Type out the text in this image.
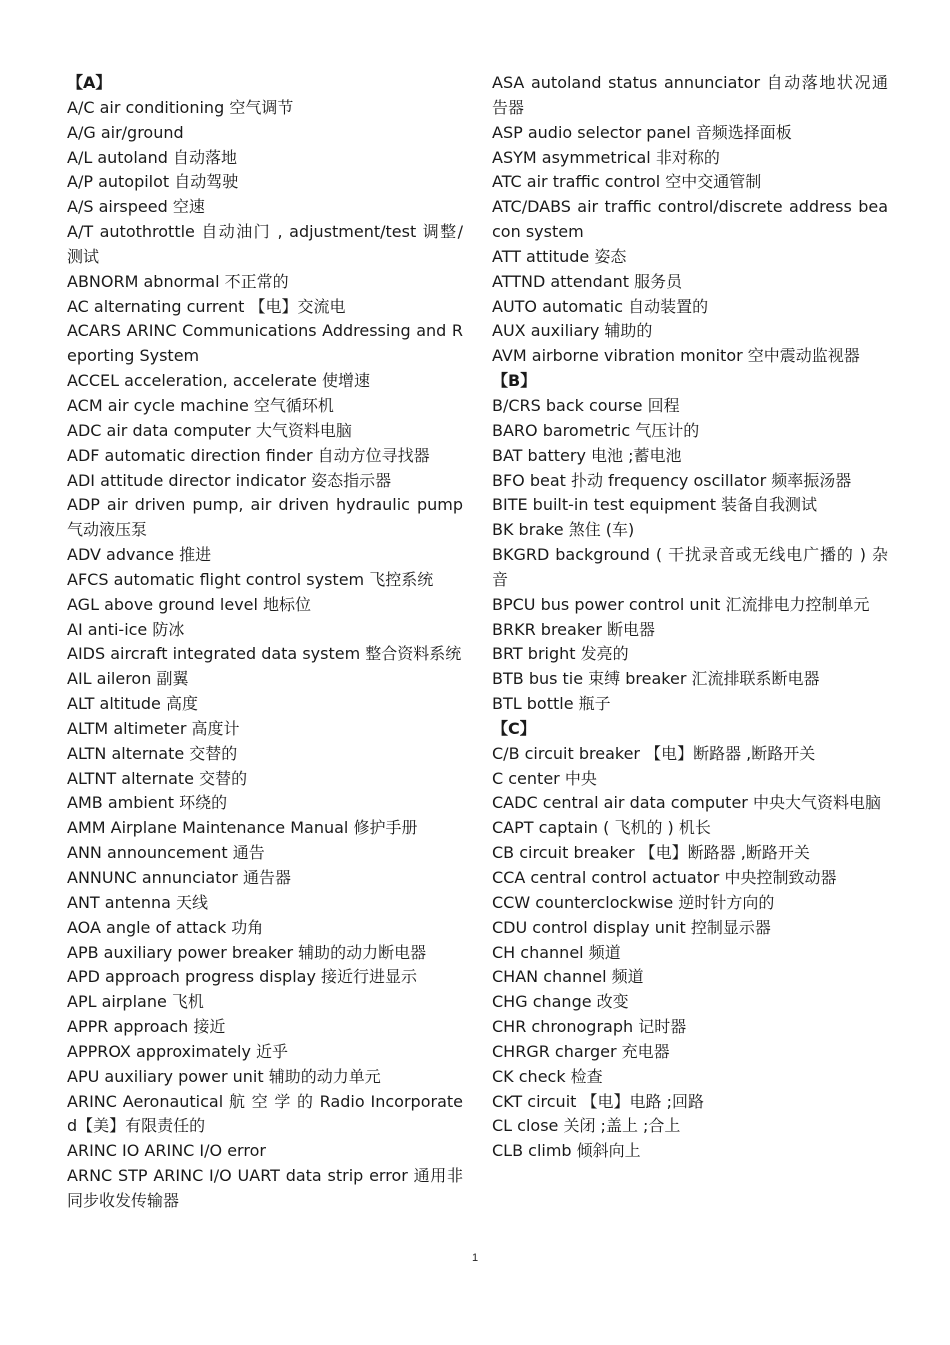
【A】

A/C air conditioning 空气调节

A/G air/ground

A/L autoland 自动落地

A/P autopilot 自动驾驶

A/S airspeed 空速

A/T autothrottle 自动油门 , adjustment/test 调整/测试

ABNORM abnormal 不正常的

AC alternating current 【电】交流电

ACARS ARINC Communications Addressing and Reporting System

ACCEL acceleration, accelerate 使增速

ACM air cycle machine 空气循环机

ADC air data computer 大气资料电脑

ADF automatic direction finder 自动方位寻找器

ADI attitude director indicator 姿态指示器

ADP air driven pump, air driven hydraulic pump 气动液压泵

ADV advance 推进

AFCS automatic flight control system 飞控系统

AGL above ground level 地标位

AI anti-ice 防冰

AIDS aircraft integrated data system 整合资料系统

AIL aileron 副翼

ALT altitude 高度

ALTM altimeter 高度计

ALTN alternate 交替的

ALTNT alternate 交替的

AMB ambient 环绕的

AMM Airplane Maintenance Manual 修护手册

ANN announcement 通告

ANNUNC annunciator 通告器

ANT antenna 天线

AOA angle of attack 功角

APB auxiliary power breaker 辅助的动力断电器

APD approach progress display 接近行进显示

APL airplane 飞机

APPR approach 接近

APPROX approximately 近乎

APU auxiliary power unit 辅助的动力单元

ARINC Aeronautical 航 空 学 的 Radio Incorporated【美】有限责任的

ARINC IO ARINC I/O error

ARNC STP ARINC I/O UART data strip error 通用非同步收发传输器

ASA autoland status annunciator 自动落地状况通告器

ASP audio selector panel 音频选择面板

ASYM asymmetrical 非对称的

ATC air traffic control 空中交通管制

ATC/DABS air traffic control/discrete address beacon system

ATT attitude 姿态

ATTND attendant 服务员

AUTO automatic 自动装置的

AUX auxiliary 辅助的

AVM airborne vibration monitor 空中震动监视器

【B】

B/CRS back course 回程

BARO barometric 气压计的

BAT battery 电池 ;蓄电池

BFO beat 扑动 frequency oscillator 频率振汤器

BITE built-in test equipment 装备自我测试

BK brake 煞住 (车)

BKGRD background ( 干扰录音或无线电广播的 ) 杂音

BPCU bus power control unit 汇流排电力控制单元

BRKR breaker 断电器

BRT bright 发亮的

BTB bus tie 束缚 breaker 汇流排联系断电器

BTL bottle 瓶子

【C】

C/B circuit breaker 【电】断路器 ,断路开关

C center 中央

CADC central air data computer 中央大气资料电脑

CAPT captain ( 飞机的 ) 机长

CB circuit breaker 【电】断路器 ,断路开关

CCA central control actuator 中央控制致动器

CCW counterclockwise 逆时针方向的

CDU control display unit 控制显示器

CH channel 频道

CHAN channel 频道

CHG change 改变

CHR chronograph 记时器

CHRGR charger 充电器

CK check 检查

CKT circuit 【电】电路 ;回路

CL close 关闭 ;盖上 ;合上

CLB climb 倾斜向上

1
